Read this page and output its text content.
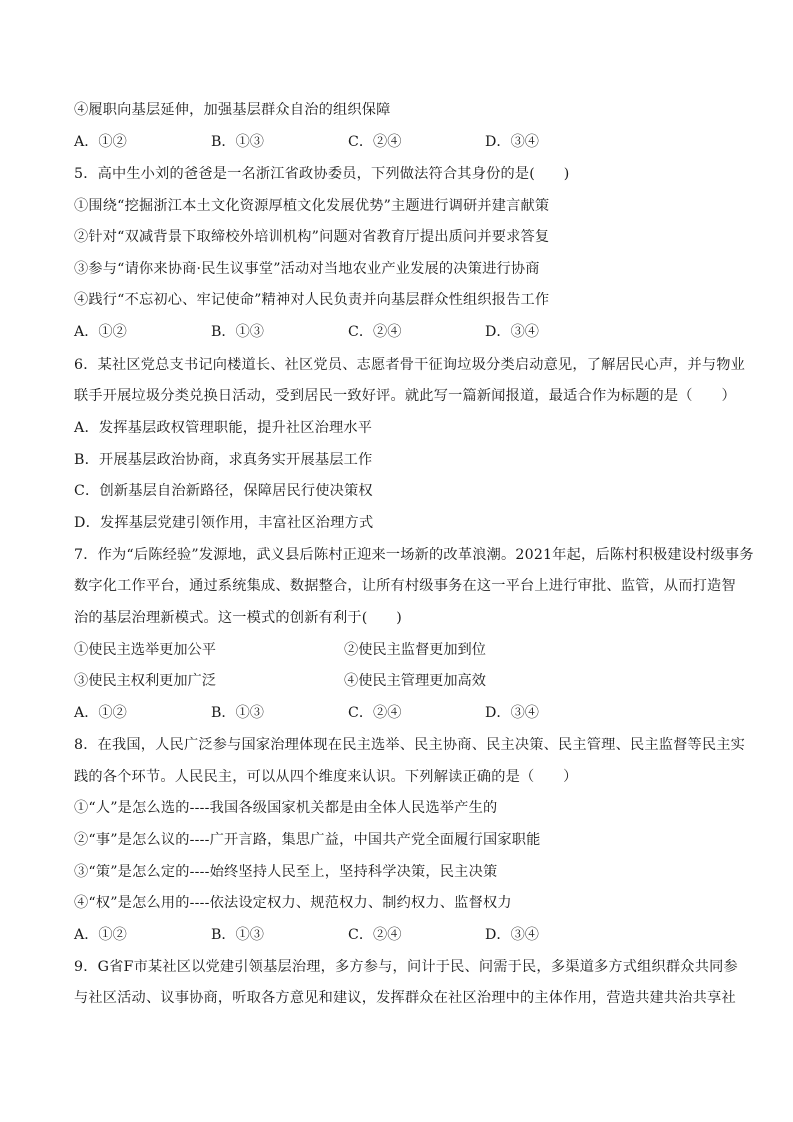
④履职向基层延伸，加强基层群众自治的组织保障
A．①②	B．①③	C．②④	D．③④
5．高中生小刘的爸爸是一名浙江省政协委员，下列做法符合其身份的是(　　)
①围绕“挖掘浙江本土文化资源厚植文化发展优势”主题进行调研并建言献策
②针对“双减背景下取缔校外培训机构”问题对省教育厅提出质问并要求答复
③参与“请你来协商·民生议事堂”活动对当地农业产业发展的决策进行协商
④践行“不忘初心、牢记使命”精神对人民负责并向基层群众性组织报告工作
A．①②	B．①③	C．②④	D．③④
6．某社区党总支书记向楼道长、社区党员、志愿者骨干征询垃圾分类启动意见，了解居民心声，并与物业
联手开展垃圾分类兑换日活动，受到居民一致好评。就此写一篇新闻报道，最适合作为标题的是（　　）
A．发挥基层政权管理职能，提升社区治理水平
B．开展基层政治协商，求真务实开展基层工作
C．创新基层自治新路径，保障居民行使决策权
D．发挥基层党建引领作用，丰富社区治理方式
7．作为“后陈经验”发源地，武义县后陈村正迎来一场新的改革浪潮。2021年起，后陈村积极建设村级事务
数字化工作平台，通过系统集成、数据整合，让所有村级事务在这一平台上进行审批、监管，从而打造智
治的基层治理新模式。这一模式的创新有利于(　　)
①使民主选举更加公平	②使民主监督更加到位
③使民主权利更加广泛	④使民主管理更加高效
A．①②	B．①③	C．②④	D．③④
8．在我国，人民广泛参与国家治理体现在民主选举、民主协商、民主决策、民主管理、民主监督等民主实
践的各个环节。人民民主，可以从四个维度来认识。下列解读正确的是（　　）
①“人”是怎么选的----我国各级国家机关都是由全体人民选举产生的
②“事”是怎么议的----广开言路，集思广益，中国共产党全面履行国家职能
③“策”是怎么定的----始终坚持人民至上，坚持科学决策，民主决策
④“权”是怎么用的----依法设定权力、规范权力、制约权力、监督权力
A．①②	B．①③	C．②④	D．③④
9．G省F市某社区以党建引领基层治理，多方参与，问计于民、问需于民，多渠道多方式组织群众共同参
与社区活动、议事协商，听取各方意见和建议，发挥群众在社区治理中的主体作用，营造共建共治共享社
